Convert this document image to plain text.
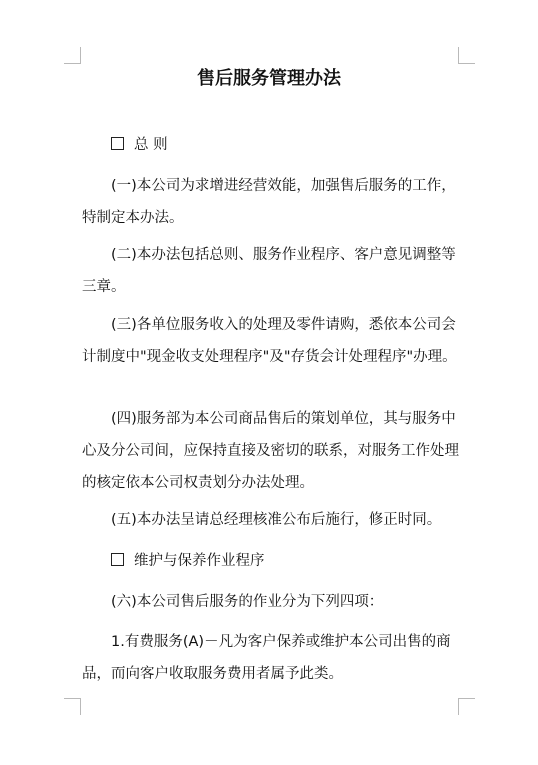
售后服务管理办法
总 则
(一)本公司为求增进经营效能，加强售后服务的工作，特制定本办法。
(二)本办法包括总则、服务作业程序、客户意见调整等三章。
(三)各单位服务收入的处理及零件请购，悉依本公司会计制度中"现金收支处理程序"及"存货会计处理程序"办理。
(四)服务部为本公司商品售后的策划单位，其与服务中心及分公司间，应保持直接及密切的联系，对服务工作处理的核定依本公司权责划分办法处理。
(五)本办法呈请总经理核准公布后施行，修正时同。
维护与保养作业程序
(六)本公司售后服务的作业分为下列四项：
1.有费服务(A)－凡为客户保养或维护本公司出售的商品，而向客户收取服务费用者属予此类。
